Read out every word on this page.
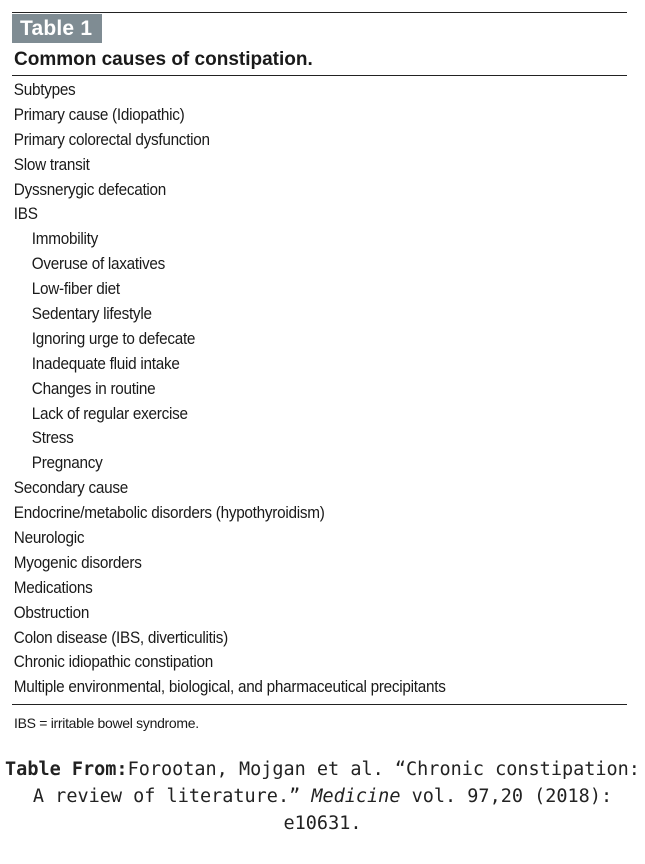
Table 1
Common causes of constipation.
Subtypes
Primary cause (Idiopathic)
Primary colorectal dysfunction
Slow transit
Dyssnerygic defecation
IBS
Immobility
Overuse of laxatives
Low-fiber diet
Sedentary lifestyle
Ignoring urge to defecate
Inadequate fluid intake
Changes in routine
Lack of regular exercise
Stress
Pregnancy
Secondary cause
Endocrine/metabolic disorders (hypothyroidism)
Neurologic
Myogenic disorders
Medications
Obstruction
Colon disease (IBS, diverticulitis)
Chronic idiopathic constipation
Multiple environmental, biological, and pharmaceutical precipitants
IBS = irritable bowel syndrome.
Table From:Forootan, Mojgan et al. “Chronic constipation: A review of literature.” Medicine vol. 97,20 (2018): e10631.
